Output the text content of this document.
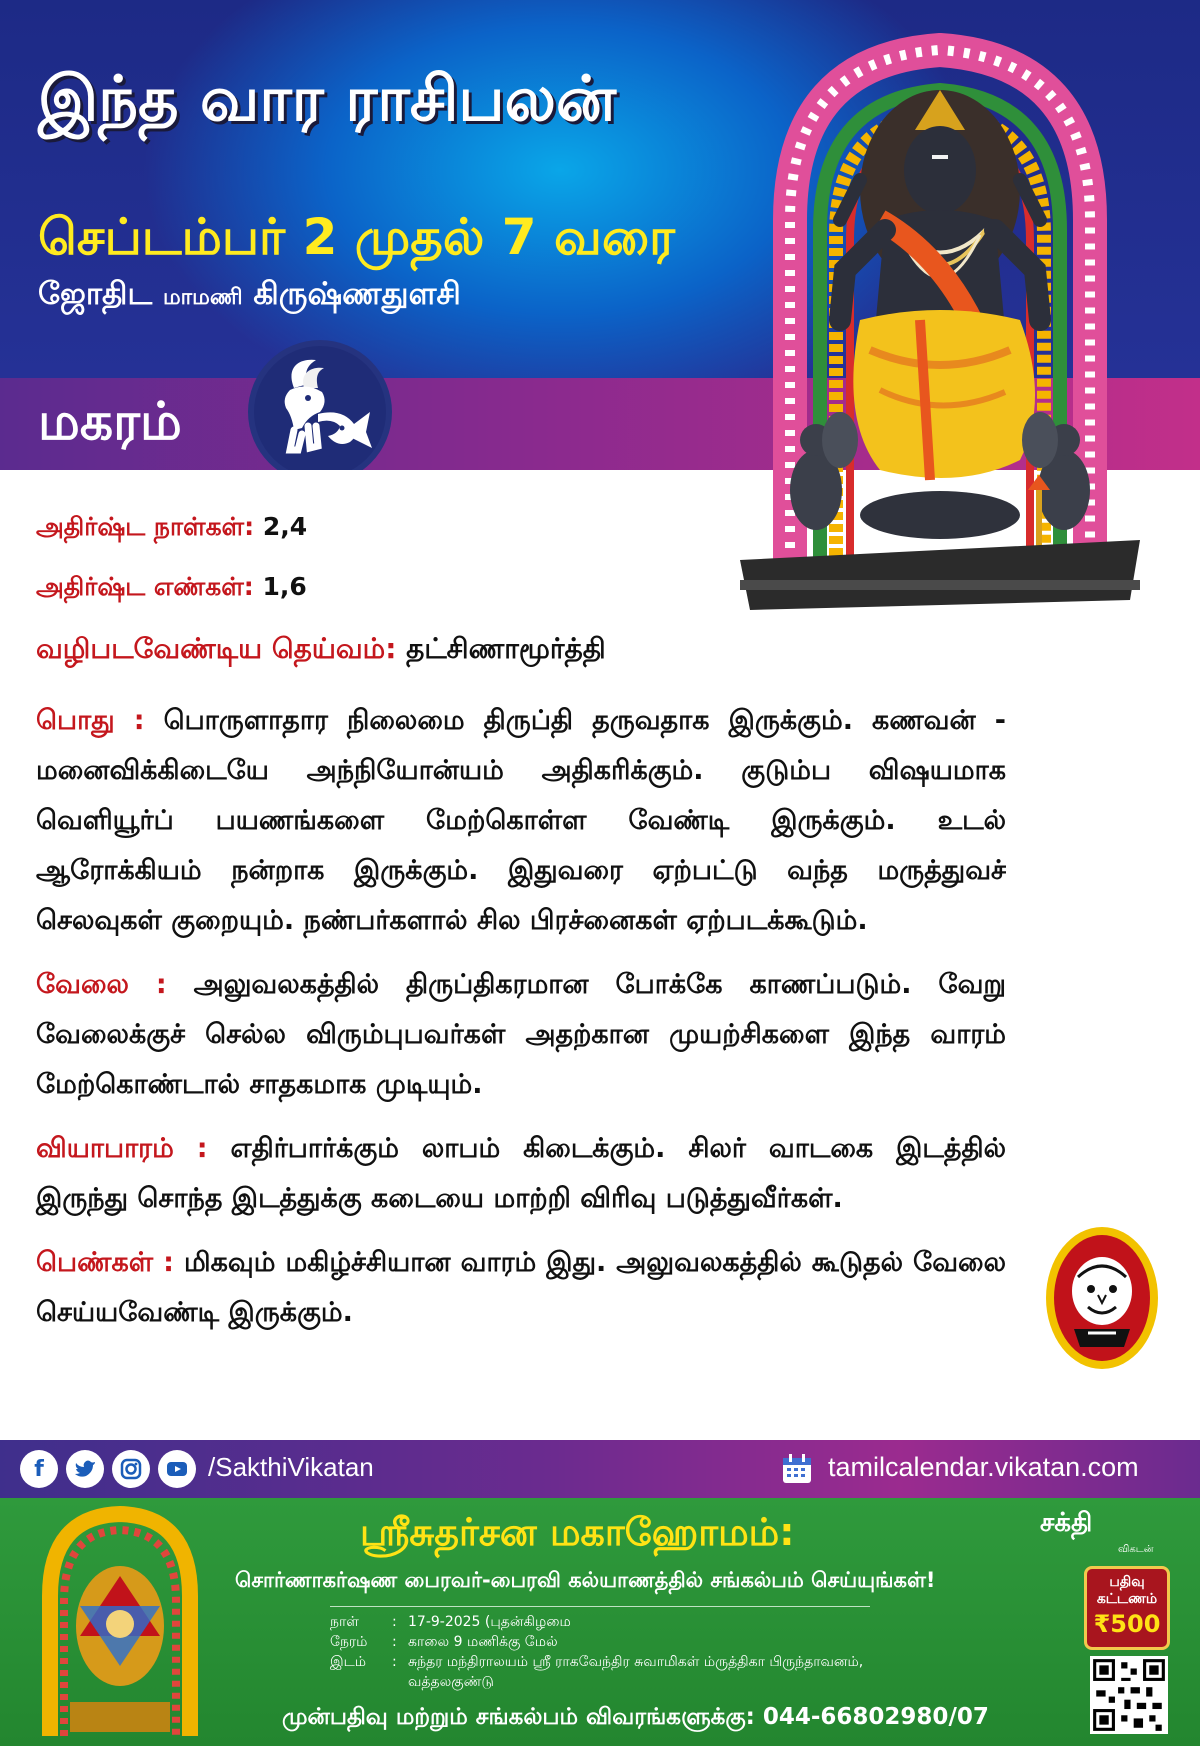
இந்த வார ராசிபலன்
செப்டம்பர் 2 முதல் 7 வரை
ஜோதிட மாமணி கிருஷ்ணதுளசி
மகரம்
அதிர்ஷ்ட நாள்கள்: 2,4
அதிர்ஷ்ட எண்கள்: 1,6
வழிபடவேண்டிய தெய்வம்: தட்சிணாமூர்த்தி

பொது : பொருளாதார நிலைமை திருப்தி தருவதாக இருக்கும். கணவன் - மனைவிக்கிடையே அந்நியோன்யம் அதிகரிக்கும். குடும்ப விஷயமாக வெளியூர்ப் பயணங்களை மேற்கொள்ள வேண்டி இருக்கும். உடல் ஆரோக்கியம் நன்றாக இருக்கும். இதுவரை ஏற்பட்டு வந்த மருத்துவச் செலவுகள் குறையும். நண்பர்களால் சில பிரச்னைகள் ஏற்படக்கூடும்.

வேலை : அலுவலகத்தில் திருப்திகரமான போக்கே காணப்படும். வேறு வேலைக்குச் செல்ல விரும்புபவர்கள் அதற்கான முயற்சிகளை இந்த வாரம் மேற்கொண்டால் சாதகமாக முடியும்.

வியாபாரம் : எதிர்பார்க்கும் லாபம் கிடைக்கும். சிலர் வாடகை இடத்தில் இருந்து சொந்த இடத்துக்கு கடையை மாற்றி விரிவு படுத்துவீர்கள்.

பெண்கள் : மிகவும் மகிழ்ச்சியான வாரம் இது. அலுவலகத்தில் கூடுதல் வேலை செய்யவேண்டி இருக்கும்.

f	/SakthiVikatan	tamilcalendar.vikatan.com
ஸ்ரீசுதர்சன மகாஹோமம்:
சொர்ணாகர்ஷண பைரவர்-பைரவி கல்யாணத்தில் சங்கல்பம் செய்யுங்கள்!
நாள்	: 17-9-2025 (புதன்கிழமை
நேரம்	: காலை 9 மணிக்கு மேல்
இடம்	: சுந்தர மந்திராலயம் ஸ்ரீ ராகவேந்திர சுவாமிகள் ம்ருத்திகா பிருந்தாவனம், வத்தலகுண்டு
முன்பதிவு மற்றும் சங்கல்பம் விவரங்களுக்கு: 044-66802980/07
சக்தி
விகடன்
பதிவு கட்டணம்
₹500
